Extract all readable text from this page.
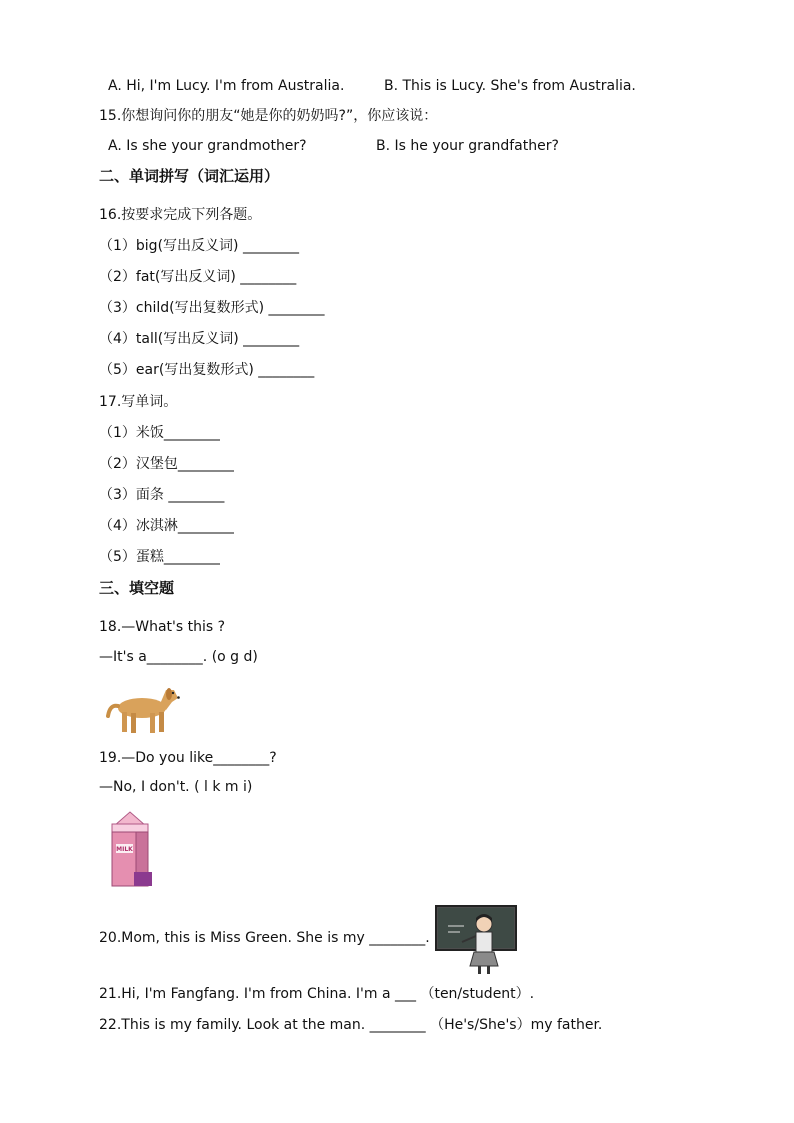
A. Hi, I'm Lucy. I'm from Australia.	B. This is Lucy. She's from Australia.
15.你想询问你的朋友“她是你的奶奶吗?”，你应该说：
A. Is she your grandmother?	B. Is he your grandfather?
二、单词拼写（词汇运用）
16.按要求完成下列各题。
（1）big(写出反义词) ________
（2）fat(写出反义词) ________
（3）child(写出复数形式) ________
（4）tall(写出反义词) ________
（5）ear(写出复数形式) ________
17.写单词。
（1）米饭________
（2）汉堡包________
（3）面条 ________
（4）冰淇淋________
（5）蛋糕________
三、填空题
18.—What's this ?
—It's a________. (o g d)
19.—Do you like________?
—No, I don't. ( l k m i)
MILK
20.Mom, this is Miss Green. She is my ________.
21.Hi, I'm Fangfang. I'm from China. I'm a ___ （ten/student）.
22.This is my family. Look at the man. ________ （He's/She's）my father.
